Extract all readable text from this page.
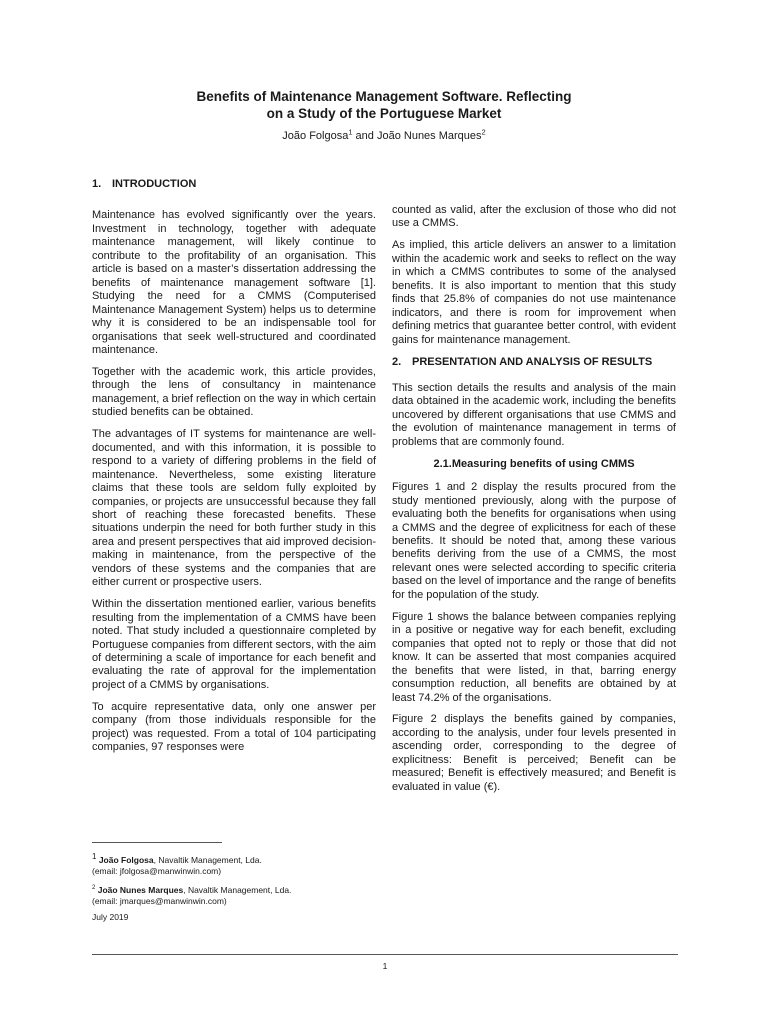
Benefits of Maintenance Management Software. Reflecting
on a Study of the Portuguese Market
João Folgosa$^1$ and João Nunes Marques$^2$
1. INTRODUCTION

Maintenance has evolved significantly over the years. Investment in technology, together with adequate maintenance management, will likely continue to contribute to the profitability of an organisation. This article is based on a master’s dissertation addressing the benefits of maintenance management software [1]. Studying the need for a CMMS (Computerised Maintenance Management System) helps us to determine why it is considered to be an indispensable tool for organisations that seek well-structured and coordinated maintenance.

Together with the academic work, this article provides, through the lens of consultancy in maintenance management, a brief reflection on the way in which certain studied benefits can be obtained.

The advantages of IT systems for maintenance are well-documented, and with this information, it is possible to respond to a variety of differing problems in the field of maintenance. Nevertheless, some existing literature claims that these tools are seldom fully exploited by companies, or projects are unsuccessful because they fall short of reaching these forecasted benefits. These situations underpin the need for both further study in this area and present perspectives that aid improved decision-making in maintenance, from the perspective of the vendors of these systems and the companies that are either current or prospective users.

Within the dissertation mentioned earlier, various benefits resulting from the implementation of a CMMS have been noted. That study included a questionnaire completed by Portuguese companies from different sectors, with the aim of determining a scale of importance for each benefit and evaluating the rate of approval for the implementation project of a CMMS by organisations.

To acquire representative data, only one answer per company (from those individuals responsible for the project) was requested. From a total of 104 participating companies, 97 responses were

counted as valid, after the exclusion of those who did not use a CMMS.

As implied, this article delivers an answer to a limitation within the academic work and seeks to reflect on the way in which a CMMS contributes to some of the analysed benefits. It is also important to mention that this study finds that 25.8% of companies do not use maintenance indicators, and there is room for improvement when defining metrics that guarantee better control, with evident gains for maintenance management.

2. PRESENTATION AND ANALYSIS OF RESULTS

This section details the results and analysis of the main data obtained in the academic work, including the benefits uncovered by different organisations that use CMMS and the evolution of maintenance management in terms of problems that are commonly found.

2.1.Measuring benefits of using CMMS

Figures 1 and 2 display the results procured from the study mentioned previously, along with the purpose of evaluating both the benefits for organisations when using a CMMS and the degree of explicitness for each of these benefits. It should be noted that, among these various benefits deriving from the use of a CMMS, the most relevant ones were selected according to specific criteria based on the level of importance and the range of benefits for the population of the study.

Figure 1 shows the balance between companies replying in a positive or negative way for each benefit, excluding companies that opted not to reply or those that did not know. It can be asserted that most companies acquired the benefits that were listed, in that, barring energy consumption reduction, all benefits are obtained by at least 74.2% of the organisations.

Figure 2 displays the benefits gained by companies, according to the analysis, under four levels presented in ascending order, corresponding to the degree of explicitness: Benefit is perceived; Benefit can be measured; Benefit is effectively measured; and Benefit is evaluated in value (€).

$^1$ João Folgosa, Navaltik Management, Lda.
(email: jfolgosa@manwinwin.com)
$^2$ João Nunes Marques, Navaltik Management, Lda.
(email: jmarques@manwinwin.com)
July 2019
1
